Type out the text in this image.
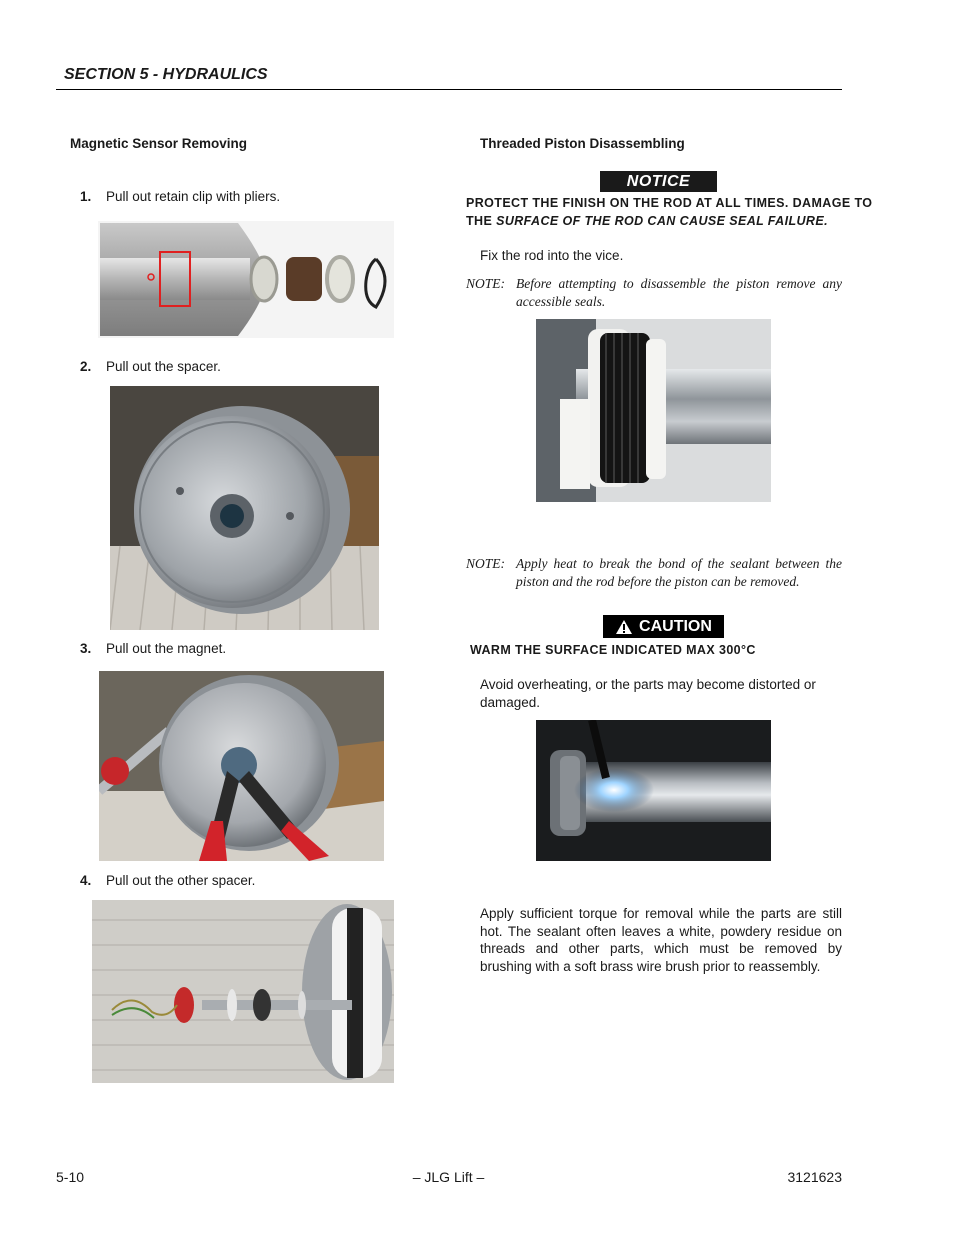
SECTION 5 - HYDRAULICS
Magnetic Sensor Removing
1. Pull out retain clip with pliers.
2. Pull out the spacer.
3. Pull out the magnet.
4. Pull out the other spacer.
Threaded Piston Disassembling
NOTICE
PROTECT THE FINISH ON THE ROD AT ALL TIMES. DAMAGE TO
THE SURFACE OF THE ROD CAN CAUSE SEAL FAILURE.
Fix the rod into the vice.
NOTE: Before attempting to disassemble the piston remove any accessible seals.
NOTE: Apply heat to break the bond of the sealant between the piston and the rod before the piston can be removed.
CAUTION
WARM THE SURFACE INDICATED MAX 300°C
Avoid overheating, or the parts may become distorted or damaged.
Apply sufficient torque for removal while the parts are still hot. The sealant often leaves a white, powdery residue on threads and other parts, which must be removed by brushing with a soft brass wire brush prior to reassembly.
5-10	– JLG Lift –	3121623
